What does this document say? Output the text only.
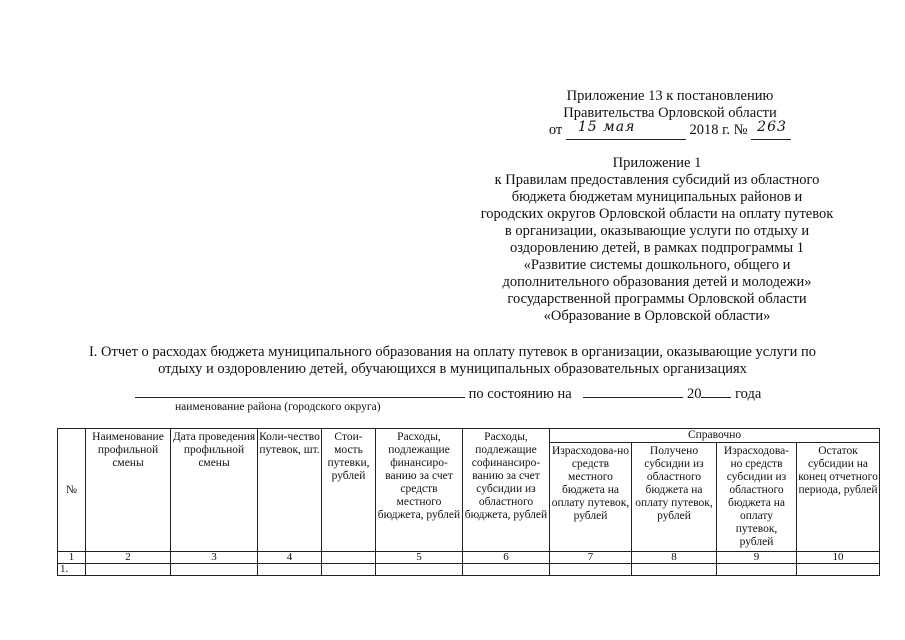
Приложение 13 к постановлению
Правительства Орловской области
от 15 мая	2018 г. № 263
Приложение 1
к Правилам предоставления субсидий из областного
бюджета бюджетам муниципальных районов и
городских округов Орловской области на оплату путевок
в организации, оказывающие услуги по отдыху и
оздоровлению детей, в рамках подпрограммы 1
«Развитие системы дошкольного, общего и
дополнительного образования детей и молодежи»
государственной программы Орловской области
«Образование в Орловской области»
I. Отчет о расходах бюджета муниципального образования на оплату путевок в организации, оказывающие услуги по
отдыху и оздоровлению детей, обучающихся в муниципальных образовательных организациях
по состоянию на	20 года
наименование района (городского округа)
№	Наименование профильной смены	Дата проведения профильной смены	Коли-чество путевок, шт.	Стои-мость путевки, рублей	Расходы, подлежащие финансиро-ванию за счет средств местного бюджета, рублей	Расходы, подлежащие софинансиро-ванию за счет субсидии из областного бюджета, рублей	Справочно			
							Израсходова-но средств местного бюджета на оплату путевок, рублей	Получено субсидии из областного бюджета на оплату путевок, рублей	Израсходова-но средств субсидии из областного бюджета на оплату путевок, рублей	Остаток субсидии на конец отчетного периода, рублей
1	2	3	4		5	6	7	8	9	10
1.										
